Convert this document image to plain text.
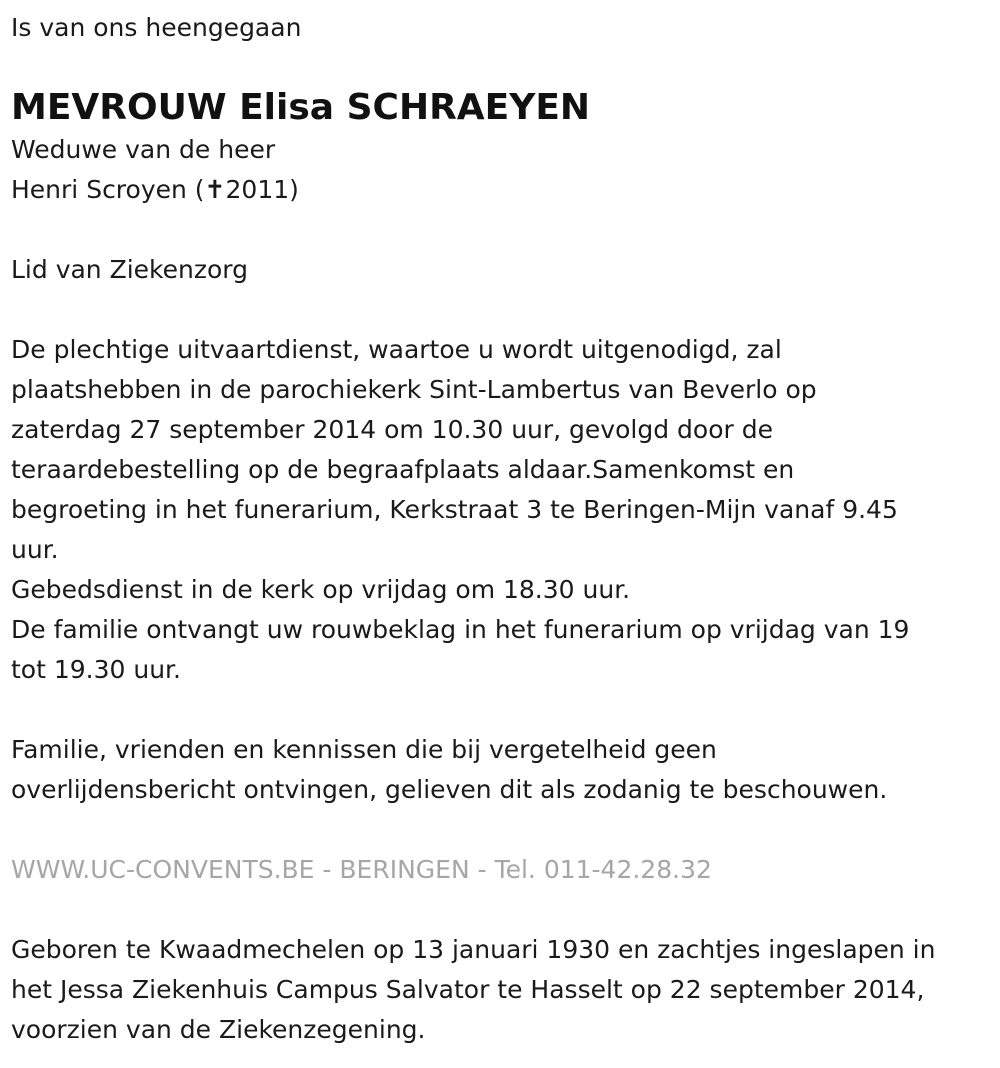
Is van ons heengegaan

MEVROUW Elisa SCHRAEYEN

Weduwe van de heer

Henri Scroyen (✝2011)

Lid van Ziekenzorg

De plechtige uitvaartdienst, waartoe u wordt uitgenodigd, zal

plaatshebben in de parochiekerk Sint-Lambertus van Beverlo op

zaterdag 27 september 2014 om 10.30 uur, gevolgd door de

teraardebestelling op de begraafplaats aldaar.Samenkomst en

begroeting in het funerarium, Kerkstraat 3 te Beringen-Mijn vanaf 9.45

uur.

Gebedsdienst in de kerk op vrijdag om 18.30 uur.

De familie ontvangt uw rouwbeklag in het funerarium op vrijdag van 19

tot 19.30 uur.

Familie, vrienden en kennissen die bij vergetelheid geen

overlijdensbericht ontvingen, gelieven dit als zodanig te beschouwen.

WWW.UC-CONVENTS.BE - BERINGEN - Tel. 011-42.28.32

Geboren te Kwaadmechelen op 13 januari 1930 en zachtjes ingeslapen in

het Jessa Ziekenhuis Campus Salvator te Hasselt op 22 september 2014,

voorzien van de Ziekenzegening.
